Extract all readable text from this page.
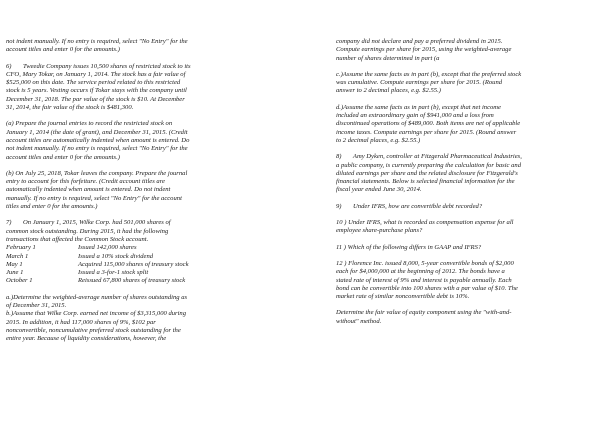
not indent manually. If no entry is required, select "No Entry" for the
account titles and enter 0 for the amounts.)

6)       Tweedie Company issues 10,500 shares of restricted stock to its
CFO, Mary Tokar, on January 1, 2014. The stock has a fair value of
$525,000 on this date. The service period related to this restricted
stock is 5 years. Vesting occurs if Tokar stays with the company until
December 31, 2018. The par value of the stock is $10. At December
31, 2014, the fair value of the stock is $481,300.

(a) Prepare the journal entries to record the restricted stock on
January 1, 2014 (the date of grant), and December 31, 2015. (Credit
account titles are automatically indented when amount is entered. Do
not indent manually. If no entry is required, select "No Entry" for the
account titles and enter 0 for the amounts.)

(b) On July 25, 2018, Tokar leaves the company. Prepare the journal
entry to account for this forfeiture. (Credit account titles are
automatically indented when amount is entered. Do not indent
manually. If no entry is required, select "No Entry" for the account
titles and enter 0 for the amounts.)

7)       On January 1, 2015, Wilke Corp. had 501,000 shares of
common stock outstanding. During 2015, it had the following
transactions that affected the Common Stock account.

February 1	Issued 142,000 shares
March 1	Issued a 10% stock dividend
May 1	Acquired 115,000 shares of treasury stock
June 1	Issued a 3-for-1 stock split
October 1	Reissued 67,800 shares of treasury stock

a.)Determine the weighted-average number of shares outstanding as
of December 31, 2015.

b.)Assume that Wilke Corp. earned net income of $3,315,000 during
2015. In addition, it had 117,000 shares of 9%, $102 par
nonconvertible, noncumulative preferred stock outstanding for the
entire year. Because of liquidity considerations, however, the

company did not declare and pay a preferred dividend in 2015.
Compute earnings per share for 2015, using the weighted-average
number of shares determined in part (a

c.)Assume the same facts as in part (b), except that the preferred stock
was cumulative. Compute earnings per share for 2015. (Round
answer to 2 decimal places, e.g. $2.55.)

d.)Assume the same facts as in part (b), except that net income
included an extraordinary gain of $941,000 and a loss from
discontinued operations of $489,000. Both items are net of applicable
income taxes. Compute earnings per share for 2015. (Round answer
to 2 decimal places, e.g. $2.55.)

8)       Amy Dyken, controller at Fitzgerald Pharmaceutical Industries,
a public company, is currently preparing the calculation for basic and
diluted earnings per share and the related disclosure for Fitzgerald's
financial statements. Below is selected financial information for the
fiscal year ended June 30, 2014.

9)       Under IFRS, how are convertible debt recorded?

10 ) Under IFRS, what is recorded as compensation expense for all
employee share-purchase plans?

11 ) Which of the following differs in GAAP and IFRS?

12 ) Florence Inc. issued 8,000, 5-year convertible bonds of $2,000
each for $4,000,000 at the beginning of 2012. The bonds have a
stated rate of interest of 9% and interest is payable annually. Each
bond can be convertible into 100 shares with a par value of $10. The
market rate of similar nonconvertible debt is 10%.

Determine the fair value of equity component using the "with-and-
without" method.
